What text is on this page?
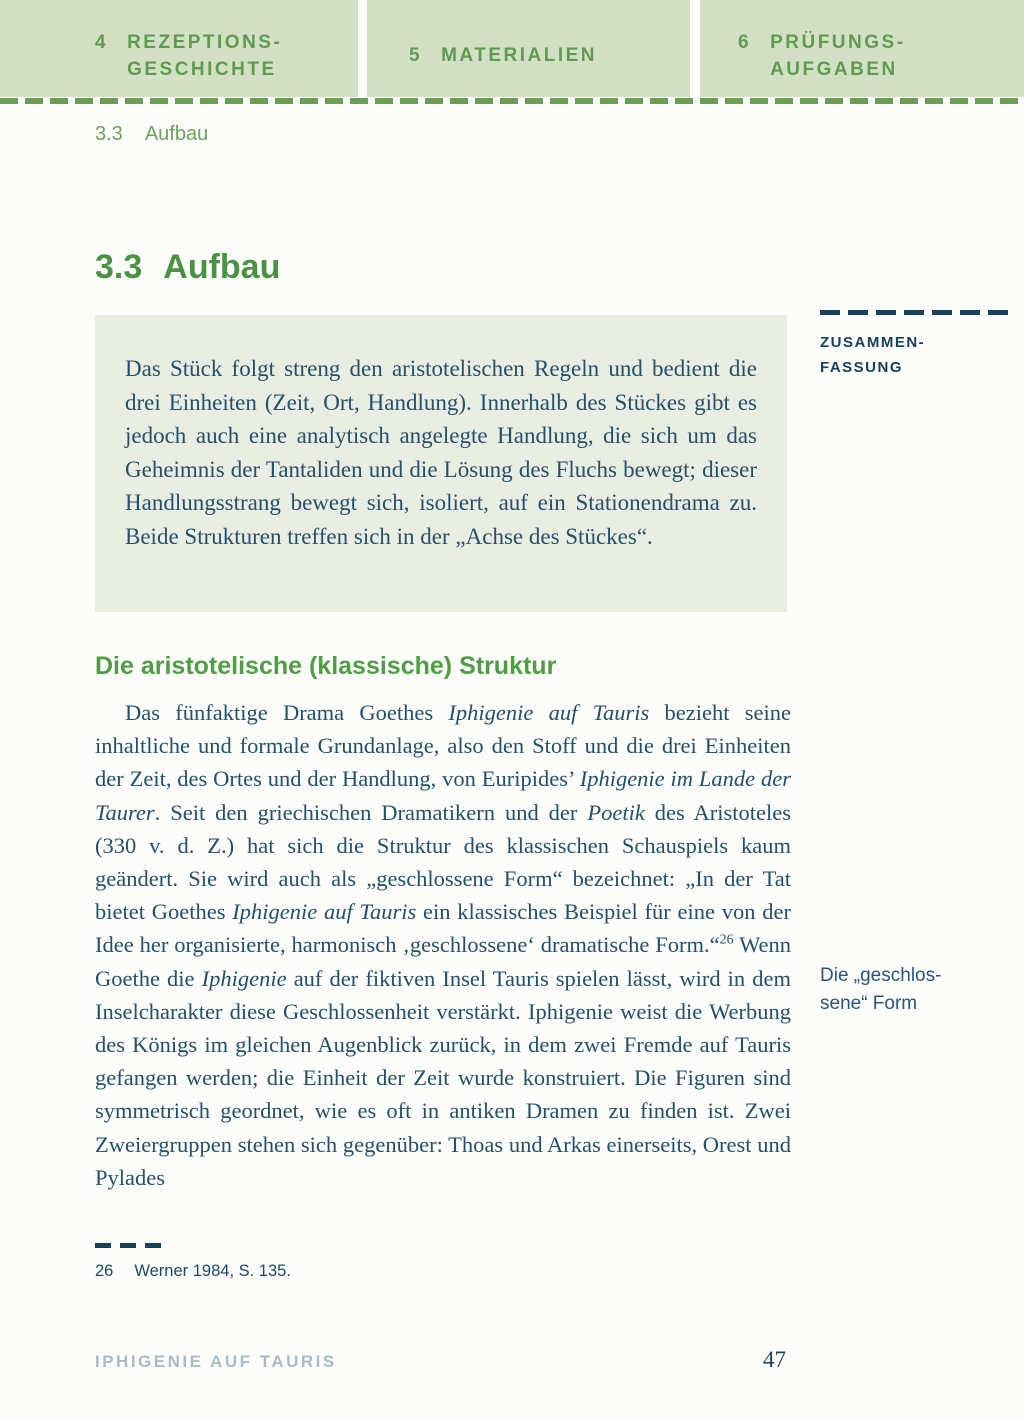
4 REZEPTIONS-
GESCHICHTE
5 MATERIALIEN
6 PRÜFUNGS-
AUFGABEN
3.3 Aufbau
3.3 Aufbau

Das Stück folgt streng den aristotelischen Regeln und bedient die drei Einheiten (Zeit, Ort, Handlung). Innerhalb des Stückes gibt es jedoch auch eine analytisch angelegte Handlung, die sich um das Geheimnis der Tantaliden und die Lösung des Fluchs bewegt; dieser Handlungsstrang bewegt sich, isoliert, auf ein Stationendrama zu. Beide Strukturen treffen sich in der „Achse des Stückes“.

ZUSAMMEN-
FASSUNG
Die aristotelische (klassische) Struktur

Das fünfaktige Drama Goethes Iphigenie auf Tauris bezieht seine inhaltliche und formale Grundanlage, also den Stoff und die drei Einheiten der Zeit, des Ortes und der Handlung, von Euripides’ Iphigenie im Lande der Taurer. Seit den griechischen Dramatikern und der Poetik des Aristoteles (330 v. d. Z.) hat sich die Struktur des klassischen Schauspiels kaum geändert. Sie wird auch als „geschlossene Form“ bezeichnet: „In der Tat bietet Goethes Iphigenie auf Tauris ein klassisches Beispiel für eine von der Idee her organisierte, harmonisch ‚geschlossene‘ dramatische Form.“$^{26}$ Wenn Goethe die Iphigenie auf der fiktiven Insel Tauris spielen lässt, wird in dem Inselcharakter diese Geschlossenheit verstärkt. Iphigenie weist die Werbung des Königs im gleichen Augenblick zurück, in dem zwei Fremde auf Tauris gefangen werden; die Einheit der Zeit wurde konstruiert. Die Figuren sind symmetrisch geordnet, wie es oft in antiken Dramen zu finden ist. Zwei Zweiergruppen stehen sich gegenüber: Thoas und Arkas einerseits, Orest und Pylades

Die „geschlos-
sene“ Form
26 Werner 1984, S. 135.
IPHIGENIE AUF TAURIS	47
